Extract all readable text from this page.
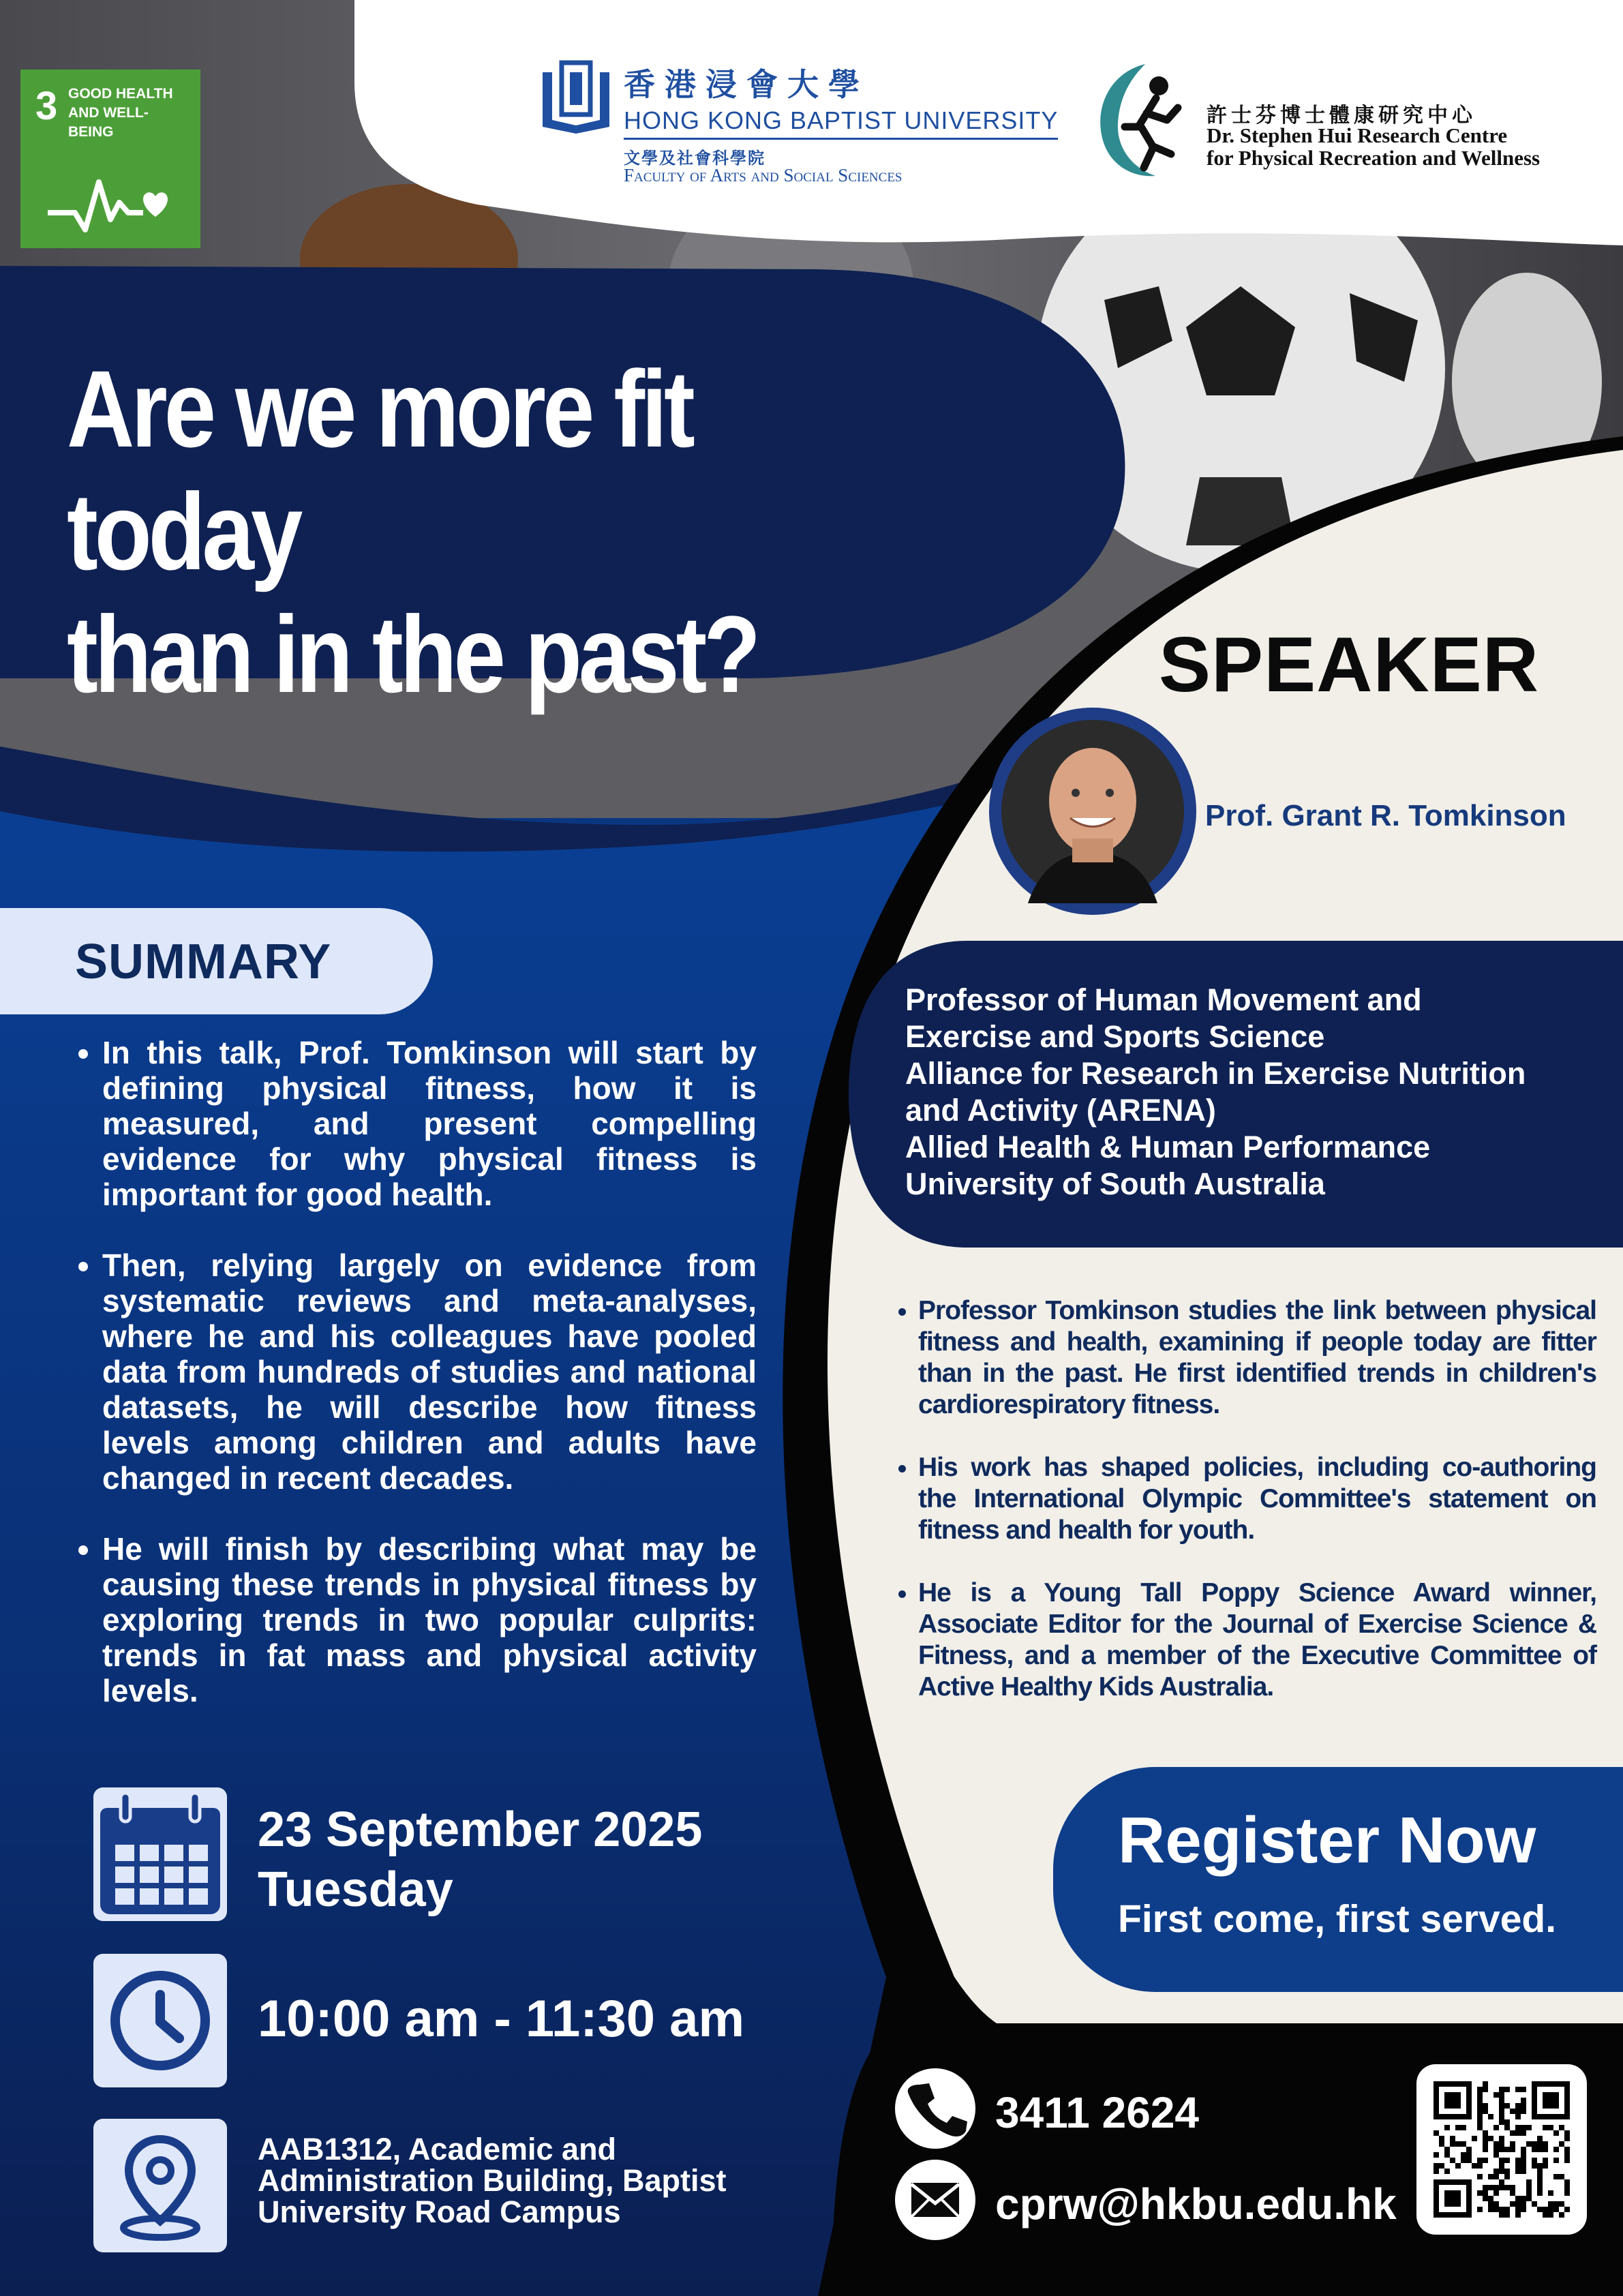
3 GOOD HEALTH AND WELL-BEING
香港浸會大學
HONG KONG BAPTIST UNIVERSITY
文學及社會科學院
Faculty of Arts and Social Sciences
許士芬博士體康研究中心
Dr. Stephen Hui Research Centre
for Physical Recreation and Wellness
Are we more fit today
than in the past?	SPEAKER
Prof. Grant R. Tomkinson
Professor of Human Movement and
Exercise and Sports Science
Alliance for Research in Exercise Nutrition
and Activity (ARENA)
Allied Health & Human Performance
University of South Australia
• Professor Tomkinson studies the link between physical fitness and health, examining if people today are fitter than in the past. He first identified trends in children's cardiorespiratory fitness.
• His work has shaped policies, including co-authoring the International Olympic Committee's statement on fitness and health for youth.
• He is a Young Tall Poppy Science Award winner, Associate Editor for the Journal of Exercise Science & Fitness, and a member of the Executive Committee of Active Healthy Kids Australia.
SUMMARY
• In this talk, Prof. Tomkinson will start by defining physical fitness, how it is measured, and present compelling evidence for why physical fitness is important for good health.
• Then, relying largely on evidence from systematic reviews and meta-analyses, where he and his colleagues have pooled data from hundreds of studies and national datasets, he will describe how fitness levels among children and adults have changed in recent decades.
• He will finish by describing what may be causing these trends in physical fitness by exploring trends in two popular culprits: trends in fat mass and physical activity levels.
23 September 2025
Tuesday
10:00 am - 11:30 am
AAB1312, Academic and
Administration Building, Baptist
University Road Campus
Register Now
First come, first served.
3411 2624
cprw@hkbu.edu.hk
